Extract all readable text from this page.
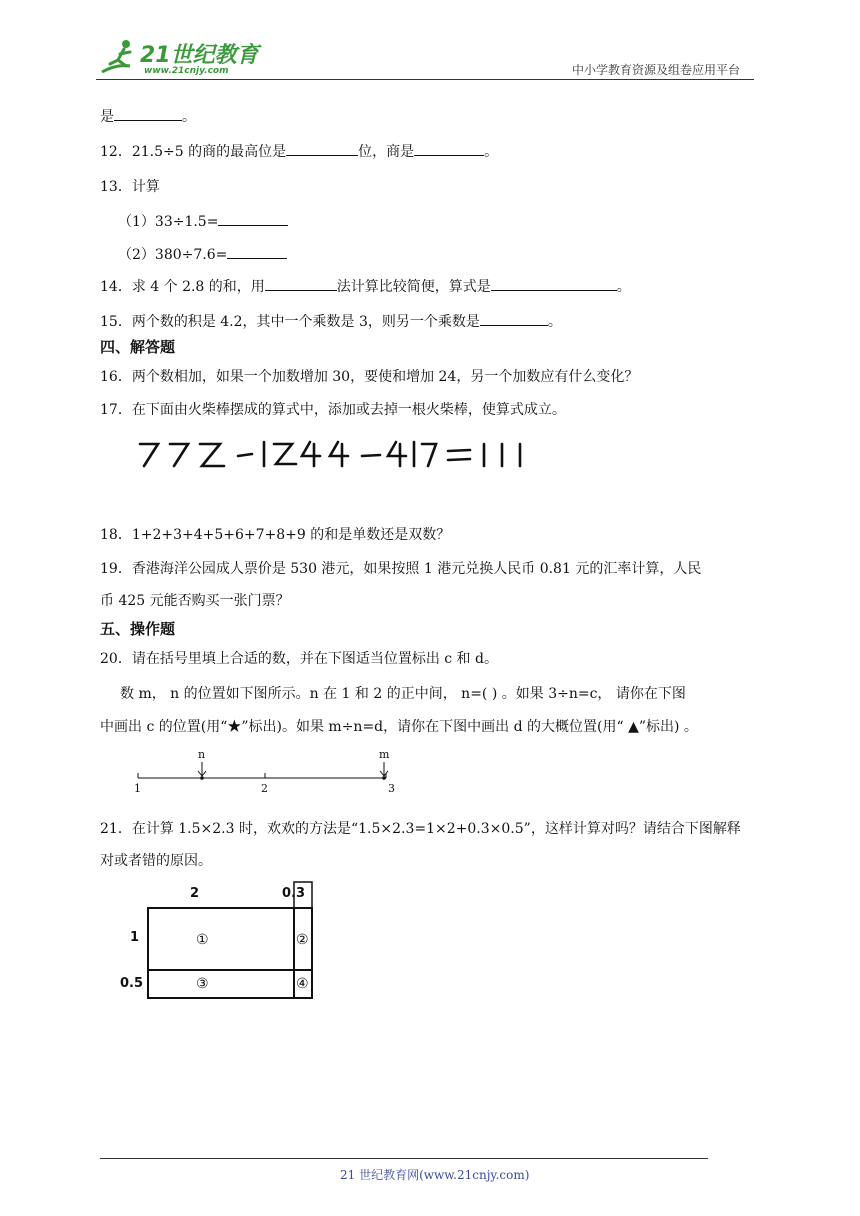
21世纪教育
www.21cnjy.com	中小学教育资源及组卷应用平台
是	。
12．21.5÷5 的商的最高位是	位，商是	。
13．计算
（1）33÷1.5=
（2）380÷7.6=
14．求 4 个 2.8 的和，用	法计算比较简便，算式是	。
15．两个数的积是 4.2，其中一个乘数是 3，则另一个乘数是	。
四、解答题
16．两个数相加，如果一个加数增加 30，要使和增加 24，另一个加数应有什么变化？
17．在下面由火柴棒摆成的算式中，添加或去掉一根火柴棒，使算式成立。
18．1+2+3+4+5+6+7+8+9 的和是单数还是双数？
19．香港海洋公园成人票价是 530 港元，如果按照 1 港元兑换人民币 0.81 元的汇率计算，人民
币 425 元能否购买一张门票？
五、操作题
20．请在括号里填上合适的数，并在下图适当位置标出 c 和 d。
数 m， n 的位置如下图所示。n 在 1 和 2 的正中间， n=( ) 。如果 3÷n=c， 请你在下图
中画出 c 的位置(用“★”标出)。如果 m÷n=d，请你在下图中画出 d 的大概位置(用“ ▲”标出) 。
1	2	3
n	m
21．在计算 1.5×2.3 时，欢欢的方法是“1.5×2.3=1×2+0.3×0.5”，这样计算对吗？请结合下图解释
对或者错的原因。
2	0.3
1
0.5
①	②
③	④
21 世纪教育网(www.21cnjy.com)
